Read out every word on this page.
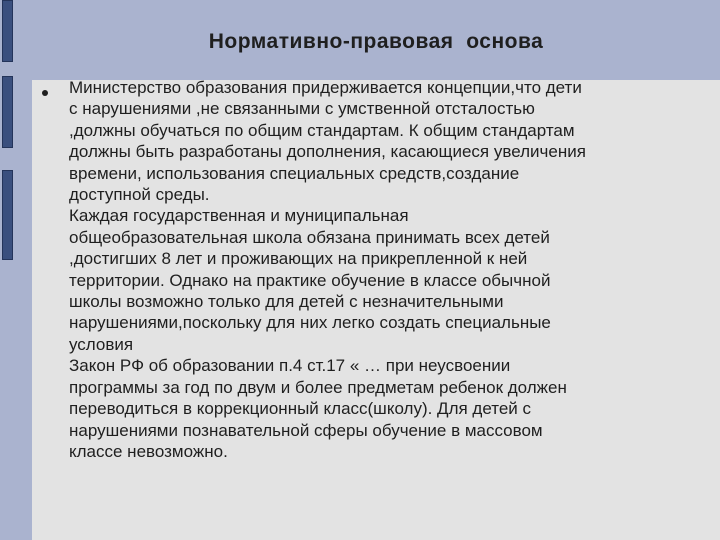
Нормативно-правовая  основа

Министерство образования придерживается концепции,что дети
с нарушениями ,не связанными с умственной отсталостью
,должны обучаться по общим стандартам. К общим стандартам
должны быть разработаны дополнения, касающиеся увеличения
времени, использования специальных средств,создание
доступной среды.
Каждая государственная и муниципальная
общеобразовательная школа обязана принимать всех детей
,достигших 8 лет и проживающих на прикрепленной к ней
территории. Однако на практике обучение в классе обычной
школы возможно только для детей с незначительными
нарушениями,поскольку для них легко создать специальные
условия
Закон РФ об образовании п.4 ст.17 « … при неусвоении
программы за год по двум и более предметам ребенок должен
переводиться в коррекционный класс(школу). Для детей с
нарушениями познавательной сферы обучение в массовом
классе невозможно.
